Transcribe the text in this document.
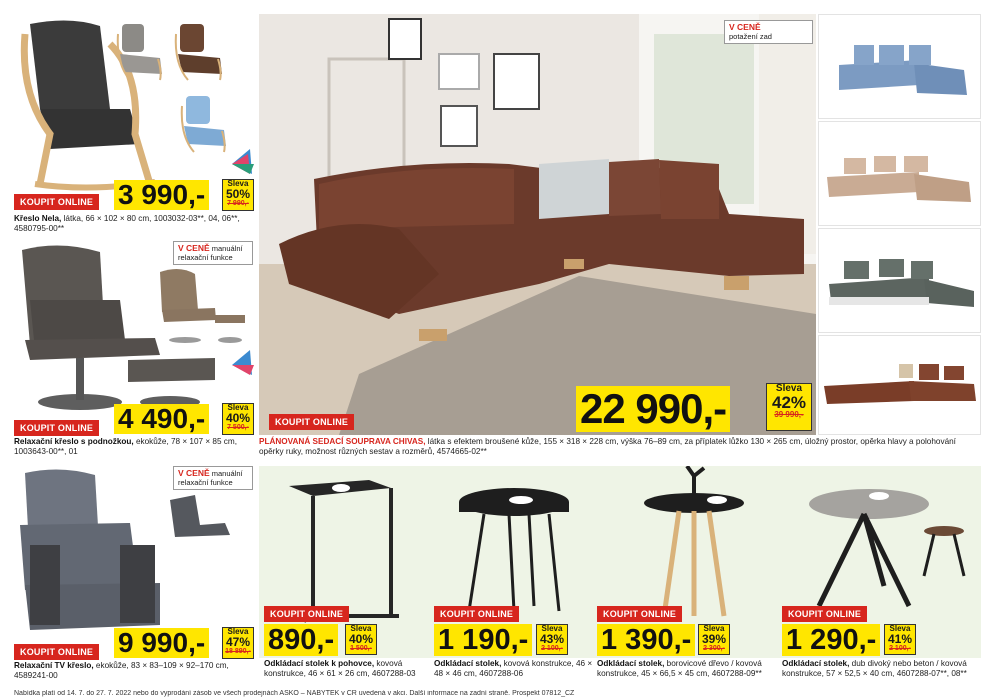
KOUPIT ONLINE 3 990,-	Sleva
50%
7 990,-
Křeslo Nela, látka, 66 × 102 × 80 cm, 1003032-03**, 04, 06**, 4580795-00**
V CENĚ manuální relaxační funkce
KOUPIT ONLINE 4 490,-	Sleva
40%
7 500,-
Relaxační křeslo s podnožkou, ekokůže, 78 × 107 × 85 cm, 1003643-00**, 01
V CENĚ manuální relaxační funkce
KOUPIT ONLINE 9 990,-	Sleva
47%
18 890,-
Relaxační TV křeslo, ekokůže, 83 × 83–109 × 92–170 cm, 4589241-00
V CENĚ
potažení zad
KOUPIT ONLINE	22 990,-	Sleva
42%
39 990,-
PLÁNOVANÁ SEDACÍ SOUPRAVA CHIVAS, látka s efektem broušené kůže, 155 × 318 × 228 cm, výška 76–89 cm, za příplatek lůžko 130 × 265 cm, úložný prostor, opěrka hlavy a polohování opěrky ruky, možnost různých sestav a rozměrů, 4574665-02**
KOUPIT ONLINE
890,-	Sleva
40%
1 500,-
Odkládací stolek k pohovce, kovová konstrukce, 46 × 61 × 26 cm, 4607288-03
KOUPIT ONLINE
1 190,-	Sleva
43%
2 100,-
Odkládací stolek, kovová konstrukce, 46 × 48 × 46 cm, 4607288-06
KOUPIT ONLINE
1 390,-	Sleva
39%
2 300,-
Odkládací stolek, borovicové dřevo / kovová konstrukce, 45 × 66,5 × 45 cm, 4607288-09**
KOUPIT ONLINE
1 290,-	Sleva
41%
2 100,-
Odkládací stolek, dub divoký nebo beton / kovová konstrukce, 57 × 52,5 × 40 cm, 4607288-07**, 08**
Nabídka platí od 14. 7. do 27. 7. 2022 nebo do vyprodání zásob ve všech prodejnách ASKO – NÁBYTEK v ČR uvedená v akci. Další informace na zadní straně. Prospekt 07812_CZ
